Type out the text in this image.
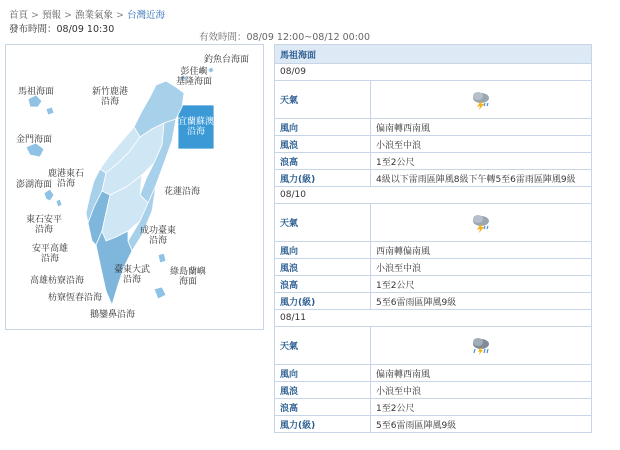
首頁 > 預報 > 漁業氣象 > 台灣近海
發布時間：08/09 10:30
有效時間：08/09 12:00~08/12 00:00
釣魚台海面
彭佳嶼
基隆海面
馬祖海面	新竹鹿港
沿海
宜蘭蘇澳
沿海
金門海面
鹿港東石
沿海
澎湖海面
花蓮沿海
東石安平
沿海	成功臺東
沿海
安平高雄
沿海
高雄枋寮沿海
臺東大武
沿海
綠島蘭嶼
海面
枋寮恆春沿海
鵝鑾鼻沿海
馬祖海面	
08/09	
天氣	
風向	偏南轉西南風
風浪	小浪至中浪
浪高	1至2公尺
風力(級)	4級以下雷雨區陣風8級下午轉5至6雷雨區陣風9級
08/10	
天氣	
風向	西南轉偏南風
風浪	小浪至中浪
浪高	1至2公尺
風力(級)	5至6雷雨區陣風9級
08/11	
天氣	
風向	偏南轉西南風
風浪	小浪至中浪
浪高	1至2公尺
風力(級)	5至6雷雨區陣風9級
